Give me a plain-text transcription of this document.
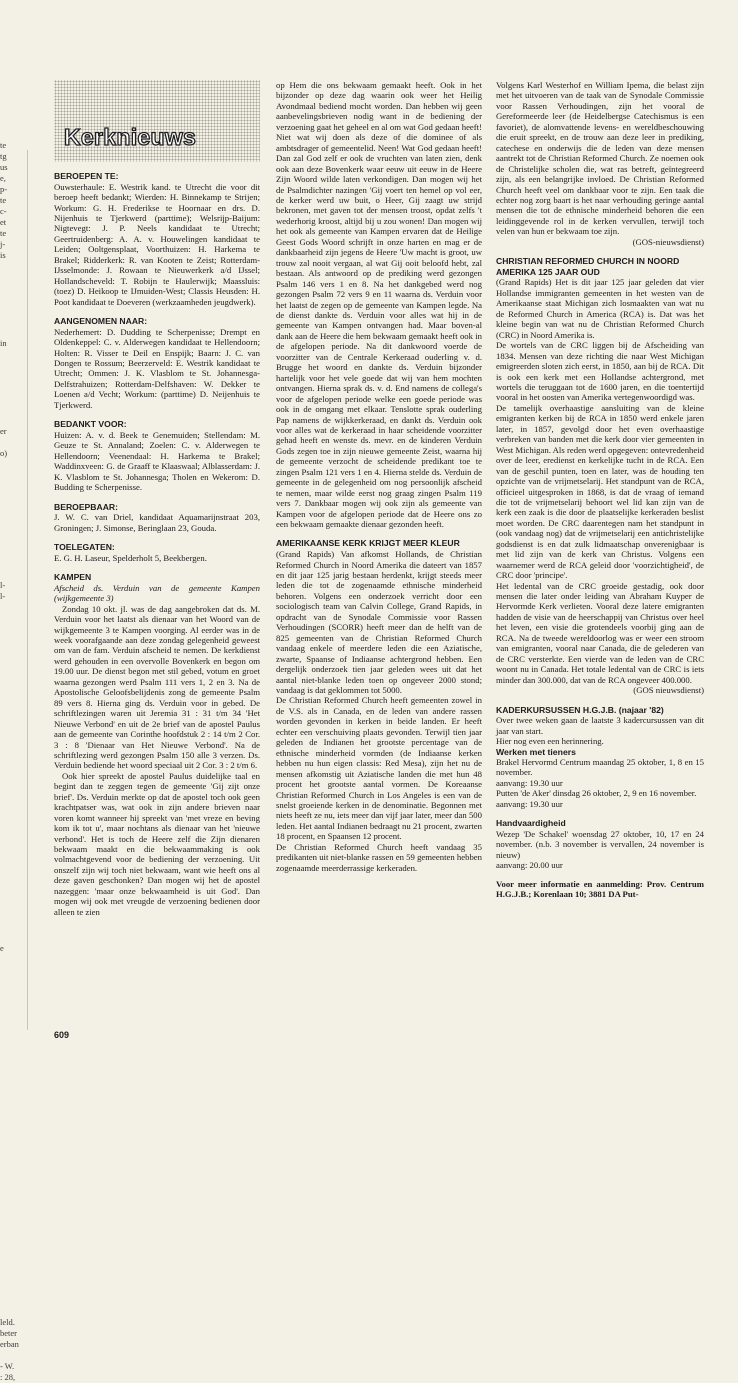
te
tg
us
e,
p-
te
c-
et
te
j-
is
in
er
o)
l-
l-
e
leld.
beter
erban
- W.
: 28,
Kerknieuws
BEROEPEN TE:

Ouwsterhaule: E. Westrik kand. te Utrecht die voor dit beroep heeft bedankt; Wierden: H. Binnekamp te Strijen; Workum: G. H. Frederikse te Hoornaar en drs. D. Nijenhuis te Tjerkwerd (parttime); Welsrijp-Baijum: Nigtevegt: J. P. Neels kandidaat te Utrecht; Geertruidenberg: A. A. v. Houwelingen kandidaat te Leiden; Ooltgensplaat, Voorthuizen: H. Harkema te Brakel; Ridderkerk: R. van Kooten te Zeist; Rotterdam-IJsselmonde: J. Rowaan te Nieuwerkerk a/d IJssel; Hollandscheveld: T. Robijn te Haulerwijk; Maassluis: (toez) D. Heikoop te IJmuiden-West; Classis Heusden: H. Poot kandidaat te Doeveren (werkzaamheden jeugdwerk).

AANGENOMEN NAAR:

Nederhemert: D. Dudding te Scherpenisse; Drempt en Oldenkeppel: C. v. Alderwegen kandidaat te Hellendoorn; Holten: R. Visser te Deil en Enspijk; Baarn: J. C. van Dongen te Rossum; Beerzerveld: E. Westrik kandidaat te Utrecht; Ommen: J. K. Vlasblom te St. Johannesga-Delfstrahuizen; Rotterdam-Delfshaven: W. Dekker te Loenen a/d Vecht; Workum: (parttime) D. Neijenhuis te Tjerkwerd.

BEDANKT VOOR:

Huizen: A. v. d. Beek te Genemuiden; Stellendam: M. Geuze te St. Annaland; Zoelen: C. v. Alderwegen te Hellendoorn; Veenendaal: H. Harkema te Brakel; Waddinxveen: G. de Graaff te Klaaswaal; Alblasserdam: J. K. Vlasblom te St. Johannesga; Tholen en Wekerom: D. Budding te Scherpenisse.

BEROEPBAAR:

J. W. C. van Driel, kandidaat Aquamarijnstraat 203, Groningen; J. Simonse, Beringlaan 23, Gouda.

TOELEGATEN:

E. G. H. Laseur, Spelderholt 5, Beekbergen.

KAMPEN

Afscheid ds. Verduin van de gemeente Kampen (wijkgemeente 3)

Zondag 10 okt. jl. was de dag aangebroken dat ds. M. Verduin voor het laatst als dienaar van het Woord van de wijkgemeente 3 te Kampen voorging. Al eerder was in de week voorafgaande aan deze zondag gelegenheid geweest om van de fam. Verduin afscheid te nemen. De kerkdienst werd gehouden in een overvolle Bovenkerk en begon om 19.00 uur. De dienst begon met stil gebed, votum en groet waarna gezongen werd Psalm 111 vers 1, 2 en 3. Na de Apostolische Geloofsbelijdenis zong de gemeente Psalm 89 vers 8. Hierna ging ds. Verduin voor in gebed. De schriftlezingen waren uit Jeremia 31 : 31 t/m 34 'Het Nieuwe Verbond' en uit de 2e brief van de apostel Paulus aan de gemeente van Corinthe hoofdstuk 2 : 14 t/m 2 Cor. 3 : 8 'Dienaar van Het Nieuwe Verbond'. Na de schriftlezing werd gezongen Psalm 150 alle 3 verzen. Ds. Verduin bediende het woord speciaal uit 2 Cor. 3 : 2 t/m 6.

Ook hier spreekt de apostel Paulus duidelijke taal en begint dan te zeggen tegen de gemeente 'Gij zijt onze brief'. Ds. Verduin merkte op dat de apostel toch ook geen krachtpatser was, wat ook in zijn andere brieven naar voren komt wanneer hij spreekt van 'met vreze en beving kom ik tot u', maar nochtans als dienaar van het 'nieuwe verbond'. Het is toch de Heere zelf die Zijn dienaren bekwaam maakt en die bekwaammaking is ook volmachtgevend voor de bediening der verzoening. Uit onszelf zijn wij toch niet bekwaam, want wie heeft ons al deze gaven geschonken? Dan mogen wij het de apostel nazeggen: 'maar onze bekwaamheid is uit God'. Dan mogen wij ook met vreugde de verzoening bedienen door alleen te zien

op Hem die ons bekwaam gemaakt heeft. Ook in het bijzonder op deze dag waarin ook weer het Heilig Avondmaal bediend mocht worden. Dan hebben wij geen aanbevelingsbrieven nodig want in de bediening der verzoening gaat het geheel en al om wat God gedaan heeft! Niet wat wij doen als deze of die dominee of als ambtsdrager of gemeentelid. Neen! Wat God gedaan heeft! Dan zal God zelf er ook de vruchten van laten zien, denk ook aan deze Bovenkerk waar eeuw uit eeuw in de Heere Zijn Woord wilde laten verkondigen. Dan mogen wij het de Psalmdichter nazingen 'Gij voert ten hemel op vol eer, de kerker werd uw buit, o Heer, Gij zaagt uw strijd bekronen, met gaven tot der mensen troost, opdat zelfs 't wederhorig kroost, altijd bij u zou wonen! Dan mogen wij het ook als gemeente van Kampen ervaren dat de Heilige Geest Gods Woord schrijft in onze harten en mag er de dankbaarheid zijn jegens de Heere 'Uw macht is groot, uw trouw zal nooit vergaan, al wat Gij ooit beloofd hebt, zal bestaan. Als antwoord op de prediking werd gezongen Psalm 146 vers 1 en 8. Na het dankgebed werd nog gezongen Psalm 72 vers 9 en 11 waarna ds. Verduin voor het laatst de zegen op de gemeente van Kampen legde. Na de dienst dankte ds. Verduin voor alles wat hij in de gemeente van Kampen ontvangen had. Maar boven-al dank aan de Heere die hem bekwaam gemaakt heeft ook in de afgelopen periode. Na dit dankwoord voerde de voorzitter van de Centrale Kerkeraad ouderling v. d. Brugge het woord en dankte ds. Verduin bijzonder hartelijk voor het vele goede dat wij van hem mochten ontvangen. Hierna sprak ds. v. d. End namens de collega's voor de afgelopen periode welke een goede periode was ook in de omgang met elkaar. Tenslotte sprak ouderling Pap namens de wijkkerkeraad, en dankt ds. Verduin ook voor alles wat de kerkeraad in haar scheidende voorzitter gehad heeft en wenste ds. mevr. en de kinderen Verduin Gods zegen toe in zijn nieuwe gemeente Zeist, waarna hij de gemeente verzocht de scheidende predikant toe te zingen Psalm 121 vers 1 en 4. Hierna stelde ds. Verduin de gemeente in de gelegenheid om nog persoonlijk afscheid te nemen, maar wilde eerst nog graag zingen Psalm 119 vers 7. Dankbaar mogen wij ook zijn als gemeente van Kampen voor de afgelopen periode dat de Heere ons zo een bekwaam gemaakte dienaar gezonden heeft.

AMERIKAANSE KERK KRIJGT MEER KLEUR

(Grand Rapids) Van afkomst Hollands, de Christian Reformed Church in Noord Amerika die dateert van 1857 en dit jaar 125 jarig bestaan herdenkt, krijgt steeds meer leden die tot de zogenaamde ethnische minderheid behoren. Volgens een onderzoek verricht door een sociologisch team van Calvin College, Grand Rapids, in opdracht van de Synodale Commissie voor Rassen Verhoudingen (SCORR) heeft meer dan de helft van de 825 gemeenten van de Christian Reformed Church vandaag enkele of meerdere leden die een Aziatische, zwarte, Spaanse of Indiaanse achtergrond hebben. Een dergelijk onderzoek tien jaar geleden wees uit dat het aantal niet-blanke leden toen op ongeveer 2000 stond; vandaag is dat geklommen tot 5000.

De Christian Reformed Church heeft gemeenten zowel in de V.S. als in Canada, en de leden van andere rassen worden gevonden in kerken in beide landen. Er heeft echter een verschuiving plaats gevonden. Terwijl tien jaar geleden de Indianen het grootste percentage van de ethnische minderheid vormden (de Indiaanse kerken hebben nu hun eigen classis: Red Mesa), zijn het nu de mensen afkomstig uit Aziatische landen die met hun 48 procent het grootste aantal vormen. De Koreaanse Christian Reformed Church in Los Angeles is een van de snelst groeiende kerken in de denominatie. Begonnen met niets heeft ze nu, iets meer dan vijf jaar later, meer dan 500 leden. Het aantal Indianen bedraagt nu 21 procent, zwarten 18 procent, en Spaansen 12 procent.

De Christian Reformed Church heeft vandaag 35 predikanten uit niet-blanke rassen en 59 gemeenten hebben zogenaamde meerderrassige kerkeraden.

Volgens Karl Westerhof en William Ipema, die belast zijn met het uitvoeren van de taak van de Synodale Commissie voor Rassen Verhoudingen, zijn het vooral de Gereformeerde leer (de Heidelbergse Catechismus is een favoriet), de alomvattende levens- en wereldbeschouwing die eruit spreekt, en de trouw aan deze leer in prediking, catechese en onderwijs die de leden van deze mensen aantrekt tot de Christian Reformed Church. Ze noemen ook de Christelijke scholen die, wat ras betreft, geïntegreerd zijn, als een belangrijke invloed. De Christian Reformed Church heeft veel om dankbaar voor te zijn. Een taak die echter nog zorg baart is het naar verhouding geringe aantal mensen die tot de ethnische minderheid behoren die een leidinggevende rol in de kerken vervullen, terwijl toch velen van hun er bekwaam toe zijn.

(GOS-nieuwsdienst)

CHRISTIAN REFORMED CHURCH IN NOORD AMERIKA 125 JAAR OUD

(Grand Rapids) Het is dit jaar 125 jaar geleden dat vier Hollandse immigranten gemeenten in het westen van de Amerikaanse staat Michigan zich losmaakten van wat nu de Reformed Church in America (RCA) is. Dat was het kleine begin van wat nu de Christian Reformed Church (CRC) in Noord Amerika is.

De wortels van de CRC liggen bij de Afscheiding van 1834. Mensen van deze richting die naar West Michigan emigreerden sloten zich eerst, in 1850, aan bij de RCA. Dit is ook een kerk met een Hollandse achtergrond, met wortels die teruggaan tot de 1600 jaren, en die toentertijd vooral in het oosten van Amerika vertegenwoordigd was.

De tamelijk overhaastige aansluiting van de kleine emigranten kerken bij de RCA in 1850 werd enkele jaren later, in 1857, gevolgd door het even overhaastige verbreken van banden met die kerk door vier gemeenten in West Michigan. Als reden werd opgegeven: ontevredenheid over de leer, eredienst en kerkelijke tucht in de RCA. Een van de geschil punten, toen en later, was de houding ten opzichte van de vrijmetselarij. Het standpunt van de RCA, officieel uitgesproken in 1868, is dat de vraag of iemand die tot de vrijmetselarij behoort wel lid kan zijn van de kerk een zaak is die door de plaatselijke kerkeraden beslist moet worden. De CRC daarentegen nam het standpunt in (ook vandaag nog) dat de vrijmetselarij een antichristelijke godsdienst is en dat zulk lidmaatschap onverenigbaar is met lid zijn van de kerk van Christus. Volgens een waarnemer werd de RCA geleid door 'voorzichtigheid', de CRC door 'principe'.

Het ledental van de CRC groeide gestadig, ook door mensen die later onder leiding van Abraham Kuyper de Hervormde Kerk verlieten. Vooral deze latere emigranten hadden de visie van de heerschappij van Christus over heel het leven, een visie die grotendeels voorbij ging aan de RCA. Na de tweede wereldoorlog was er weer een stroom van emigranten, vooral naar Canada, die de gelederen van de CRC versterkte. Een vierde van de leden van de CRC woont nu in Canada. Het totale ledental van de CRC is iets minder dan 300.000, dat van de RCA ongeveer 400.000.

(GOS nieuwsdienst)

KADERKURSUSSEN H.G.J.B. (najaar '82)

Over twee weken gaan de laatste 3 kadercursussen van dit jaar van start.

Hier nog even een herinnering.

Werken met tieners

Brakel Hervormd Centrum maandag 25 oktober, 1, 8 en 15 november.

aanvang: 19.30 uur

Putten 'de Aker' dinsdag 26 oktober, 2, 9 en 16 november.

aanvang: 19.30 uur

Handvaardigheid

Wezep 'De Schakel' woensdag 27 oktober, 10, 17 en 24 november. (n.b. 3 november is vervallen, 24 november is nieuw)

aanvang: 20.00 uur

Voor meer informatie en aanmelding: Prov. Centrum H.G.J.B.; Korenlaan 10; 3881 DA Put-

609
